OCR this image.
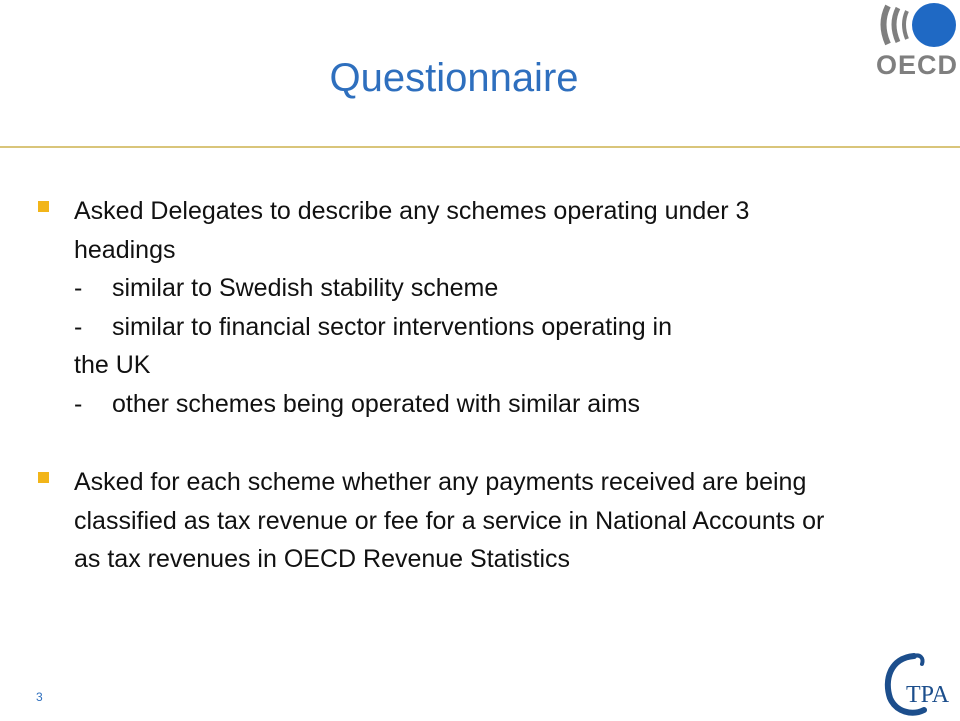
Questionnaire	OECD
Asked Delegates to describe any schemes operating under 3 headings
- similar to Swedish stability scheme
- similar to financial sector interventions operating in
the UK
- other schemes being operated with similar aims
Asked for each scheme whether any payments received are being classified as tax revenue or fee for a service in National Accounts or as tax revenues in OECD Revenue Statistics
3	TPA
